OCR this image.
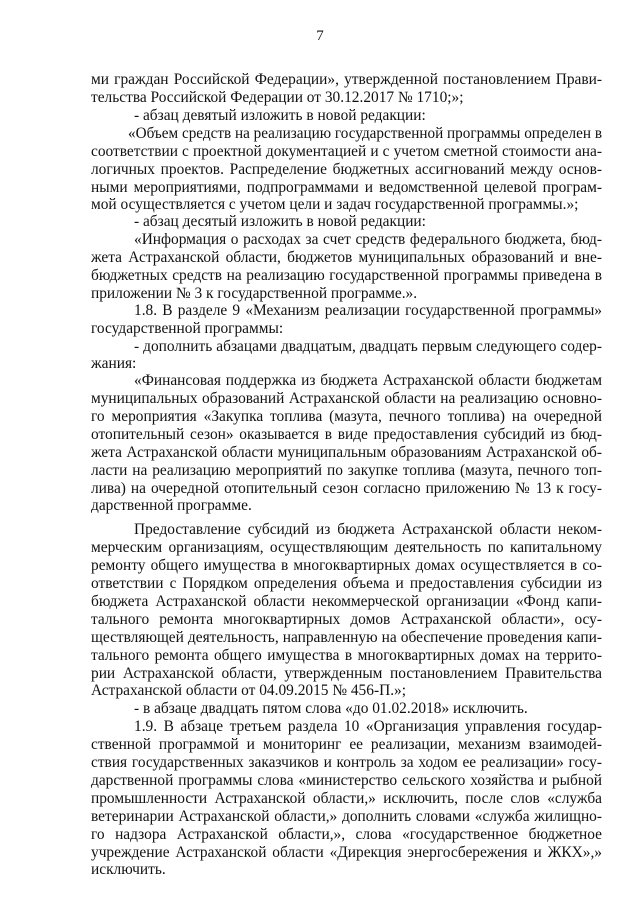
7
ми граждан Российской Федерации», утвержденной постановлением Прави-
тельства Российской Федерации от 30.12.2017 № 1710;»;
- абзац девятый изложить в новой редакции:
«Объем средств на реализацию государственной программы определен в
соответствии с проектной документацией и с учетом сметной стоимости ана-
логичных проектов. Распределение бюджетных ассигнований между основ-
ными мероприятиями, подпрограммами и ведомственной целевой програм-
мой осуществляется с учетом цели и задач государственной программы.»;
- абзац десятый изложить в новой редакции:
«Информация о расходах за счет средств федерального бюджета, бюд-
жета Астраханской области, бюджетов муниципальных образований и вне-
бюджетных средств на реализацию государственной программы приведена в
приложении № 3 к государственной программе.».
1.8. В разделе 9 «Механизм реализации государственной программы»
государственной программы:
- дополнить абзацами двадцатым, двадцать первым следующего содер-
жания:
«Финансовая поддержка из бюджета Астраханской области бюджетам
муниципальных образований Астраханской области на реализацию основно-
го мероприятия «Закупка топлива (мазута, печного топлива) на очередной
отопительный сезон» оказывается в виде предоставления субсидий из бюд-
жета Астраханской области муниципальным образованиям Астраханской об-
ласти на реализацию мероприятий по закупке топлива (мазута, печного топ-
лива) на очередной отопительный сезон согласно приложению № 13 к госу-
дарственной программе.
Предоставление субсидий из бюджета Астраханской области неком-
мерческим организациям, осуществляющим деятельность по капитальному
ремонту общего имущества в многоквартирных домах осуществляется в со-
ответствии с Порядком определения объема и предоставления субсидии из
бюджета Астраханской области некоммерческой организации «Фонд капи-
тального ремонта многоквартирных домов Астраханской области», осу-
ществляющей деятельность, направленную на обеспечение проведения капи-
тального ремонта общего имущества в многоквартирных домах на террито-
рии Астраханской области, утвержденным постановлением Правительства
Астраханской области от 04.09.2015 № 456-П.»;
- в абзаце двадцать пятом слова «до 01.02.2018» исключить.
1.9. В абзаце третьем раздела 10 «Организация управления государ-
ственной программой и мониторинг ее реализации, механизм взаимодей-
ствия государственных заказчиков и контроль за ходом ее реализации» госу-
дарственной программы слова «министерство сельского хозяйства и рыбной
промышленности Астраханской области,» исключить, после слов «служба
ветеринарии Астраханской области,» дополнить словами «служба жилищно-
го надзора Астраханской области,», слова «государственное бюджетное
учреждение Астраханской области «Дирекция энергосбережения и ЖКХ»,»
исключить.
